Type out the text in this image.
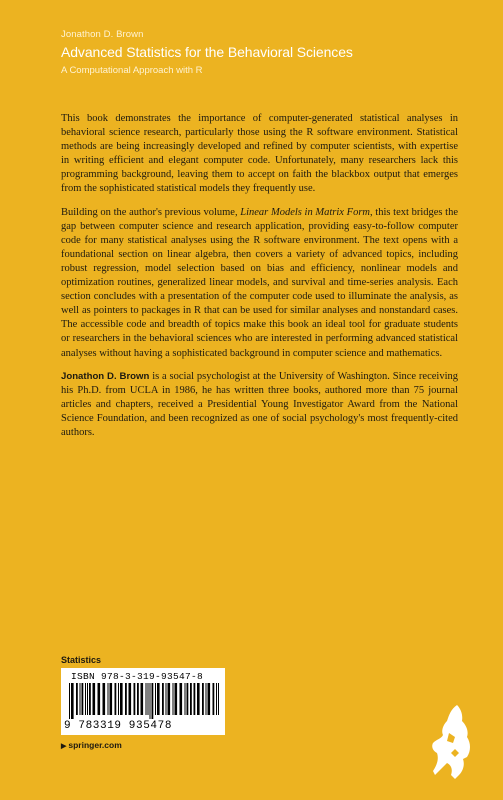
Jonathon D. Brown
Advanced Statistics for the Behavioral Sciences
A Computational Approach with R

This book demonstrates the importance of computer-generated statistical analyses in behavioral science research, particularly those using the R software environment. Statistical methods are being increasingly developed and refined by computer scientists, with expertise in writing efficient and elegant computer code. Unfortunately, many researchers lack this programming background, leaving them to accept on faith the blackbox output that emerges from the sophisticated statistical models they frequently use.

Building on the author's previous volume, Linear Models in Matrix Form, this text bridges the gap between computer science and research application, providing easy-to-follow computer code for many statistical analyses using the R software environment. The text opens with a foundational section on linear algebra, then covers a variety of advanced topics, including robust regression, model selection based on bias and efficiency, nonlinear models and optimization routines, generalized linear models, and survival and time-series analysis. Each section concludes with a presentation of the computer code used to illuminate the analysis, as well as pointers to packages in R that can be used for similar analyses and nonstandard cases. The accessible code and breadth of topics make this book an ideal tool for graduate students or researchers in the behavioral sciences who are interested in performing advanced statistical analyses without having a sophisticated background in computer science and mathematics.

Jonathon D. Brown is a social psychologist at the University of Washington. Since receiving his Ph.D. from UCLA in 1986, he has written three books, authored more than 75 journal articles and chapters, received a Presidential Young Investigator Award from the National Science Foundation, and been recognized as one of social psychology's most frequently-cited authors.

Statistics
ISBN 978-3-319-93547-8
9 783319 935478
▶ springer.com
